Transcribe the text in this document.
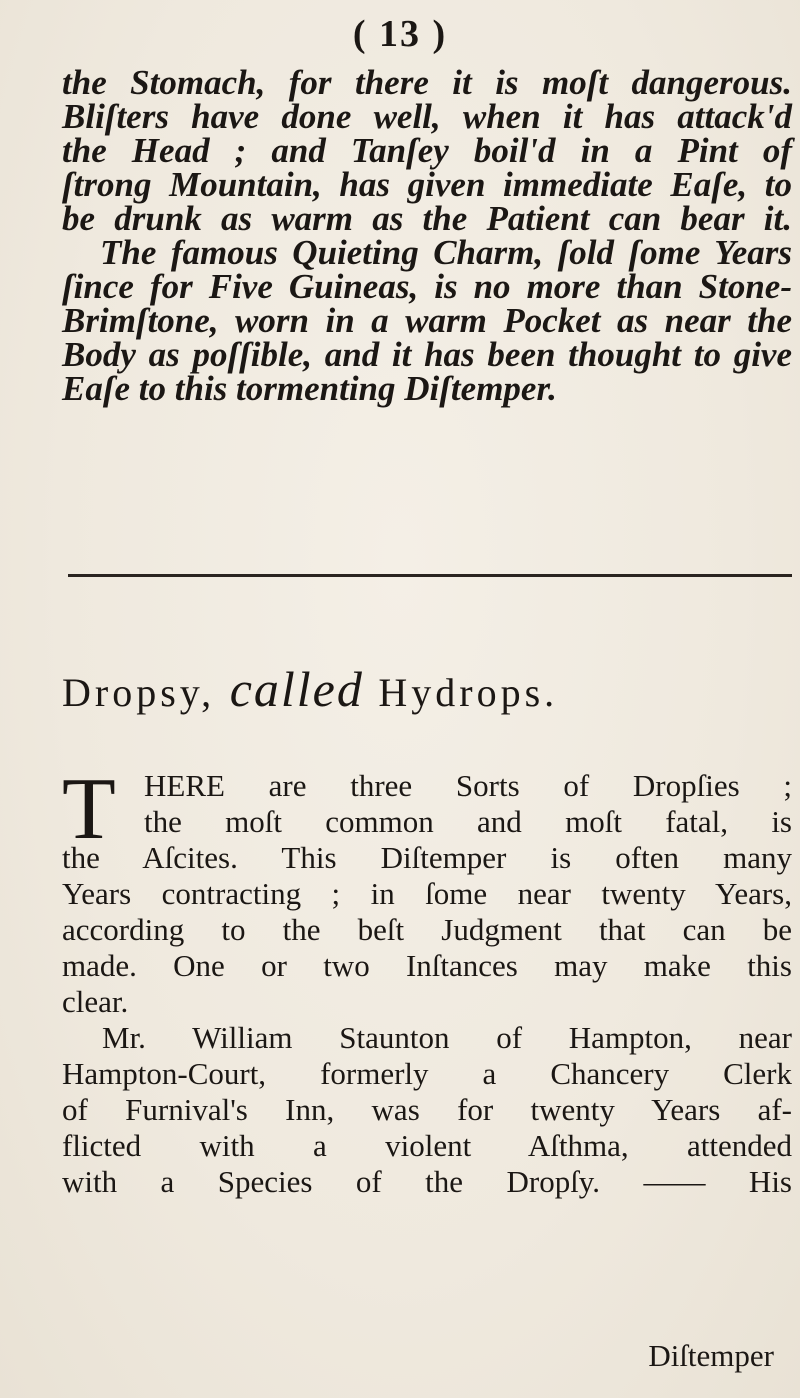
( 13 )
the Stomach, for there it is moſt dangerous.
Bliſters have done well, when it has attack'd
the Head ; and Tanſey boil'd in a Pint of
ſtrong Mountain, has given immediate Eaſe, to
be drunk as warm as the Patient can bear it.
The famous Quieting Charm, ſold ſome Years
ſince for Five Guineas, is no more than Stone-
Brimſtone, worn in a warm Pocket as near the
Body as poſſible, and it has been thought to give
Eaſe to this tormenting Diſtemper.
Dropsy, called Hydrops.
T HERE are three Sorts of Dropſies ;
the moſt common and moſt fatal, is
the Aſcites. This Diſtemper is often many
Years contracting ; in ſome near twenty Years,
according to the beſt Judgment that can be
made. One or two Inſtances may make this
clear.
Mr. William Staunton of Hampton, near
Hampton-Court, formerly a Chancery Clerk
of Furnival's Inn, was for twenty Years af-
flicted with a violent Aſthma, attended
with a Species of the Dropſy. —— His
Diſtemper
